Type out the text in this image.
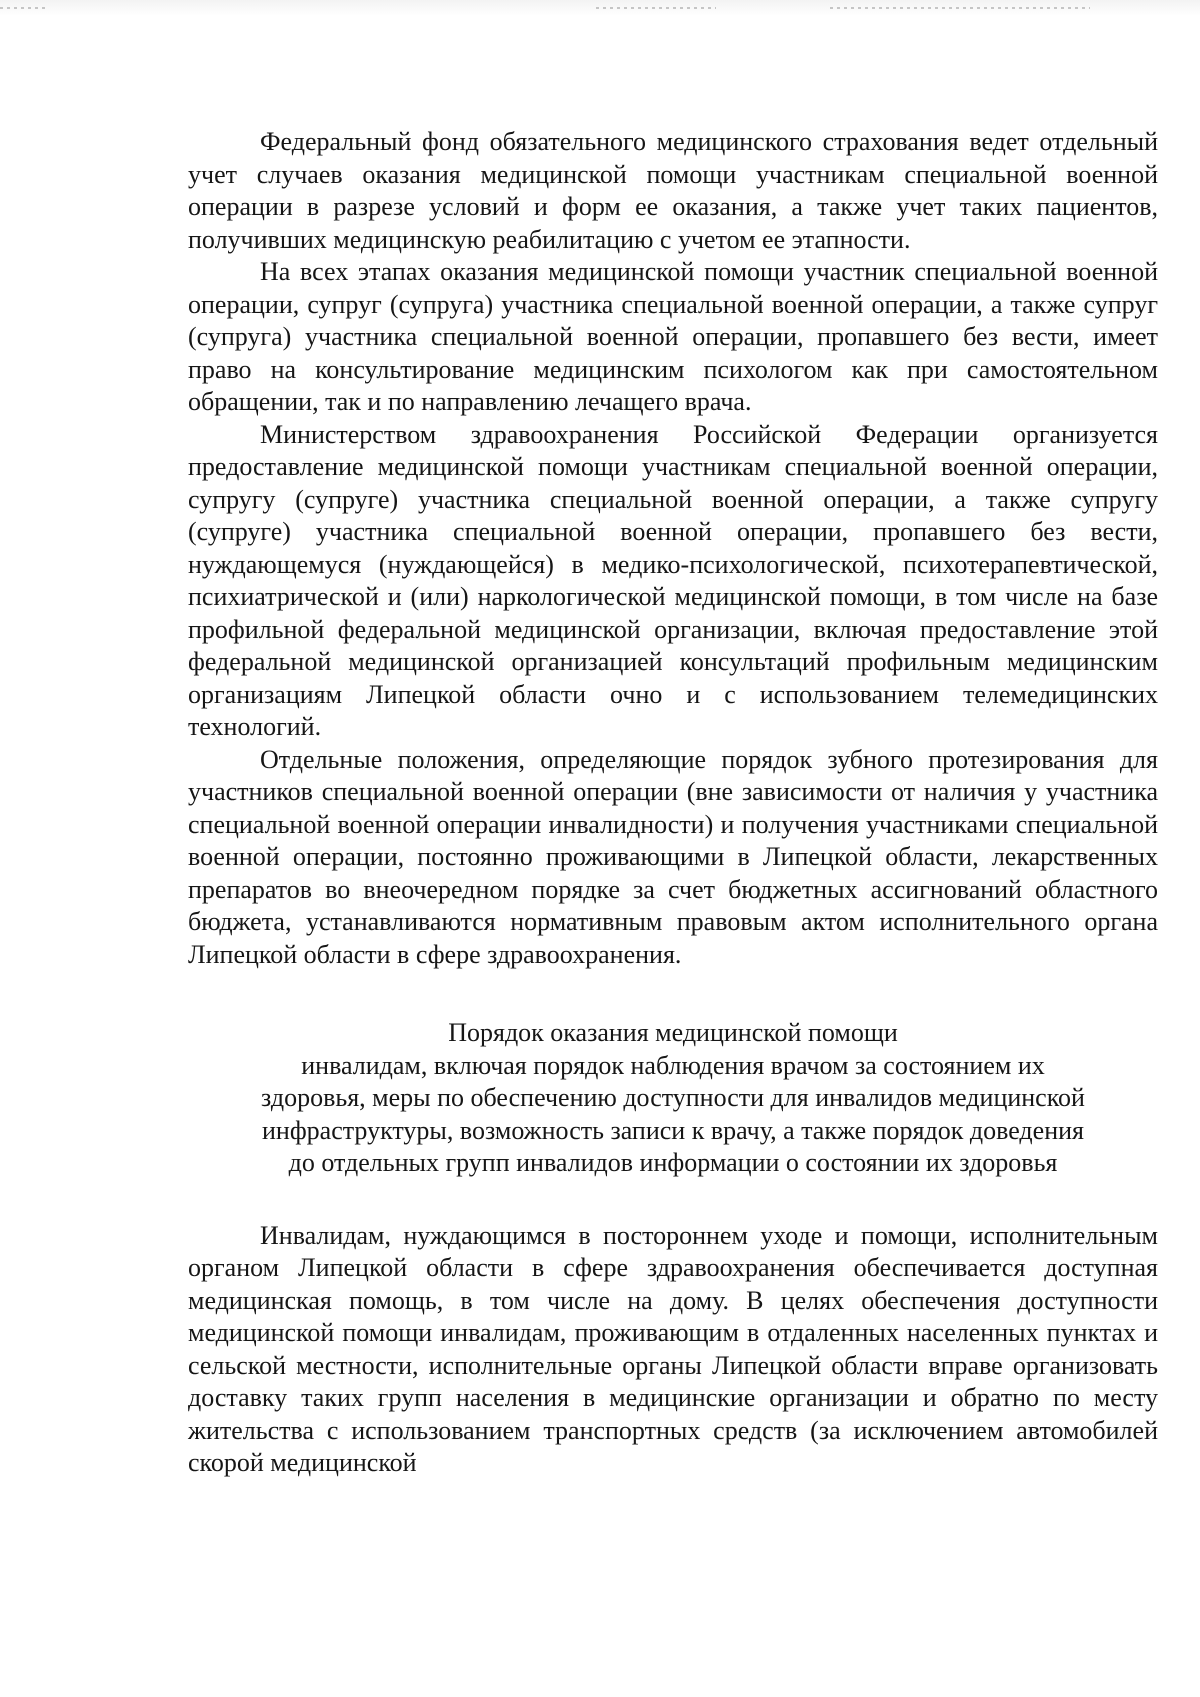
Федеральный фонд обязательного медицинского страхования ведет отдельный учет случаев оказания медицинской помощи участникам специальной военной операции в разрезе условий и форм ее оказания, а также учет таких пациентов, получивших медицинскую реабилитацию с учетом ее этапности.

На всех этапах оказания медицинской помощи участник специальной военной операции, супруг (супруга) участника специальной военной операции, а также супруг (супруга) участника специальной военной операции, пропавшего без вести, имеет право на консультирование медицинским психологом как при самостоятельном обращении, так и по направлению лечащего врача.

Министерством здравоохранения Российской Федерации организуется предоставление медицинской помощи участникам специальной военной операции, супругу (супруге) участника специальной военной операции, а также супругу (супруге) участника специальной военной операции, пропавшего без вести, нуждающемуся (нуждающейся) в медико-психологической, психотерапевтической, психиатрической и (или) наркологической медицинской помощи, в том числе на базе профильной федеральной медицинской организации, включая предоставление этой федеральной медицинской организацией консультаций профильным медицинским организациям Липецкой области очно и с использованием телемедицинских технологий.

Отдельные положения, определяющие порядок зубного протезирования для участников специальной военной операции (вне зависимости от наличия у участника специальной военной операции инвалидности) и получения участниками специальной военной операции, постоянно проживающими в Липецкой области, лекарственных препаратов во внеочередном порядке за счет бюджетных ассигнований областного бюджета, устанавливаются нормативным правовым актом исполнительного органа Липецкой области в сфере здравоохранения.

Порядок оказания медицинской помощи
инвалидам, включая порядок наблюдения врачом за состоянием их
здоровья, меры по обеспечению доступности для инвалидов медицинской
инфраструктуры, возможность записи к врачу, а также порядок доведения
до отдельных групп инвалидов информации о состоянии их здоровья

Инвалидам, нуждающимся в постороннем уходе и помощи, исполнительным органом Липецкой области в сфере здравоохранения обеспечивается доступная медицинская помощь, в том числе на дому. В целях обеспечения доступности медицинской помощи инвалидам, проживающим в отдаленных населенных пунктах и сельской местности, исполнительные органы Липецкой области вправе организовать доставку таких групп населения в медицинские организации и обратно по месту жительства с использованием транспортных средств (за исключением автомобилей скорой медицинской
